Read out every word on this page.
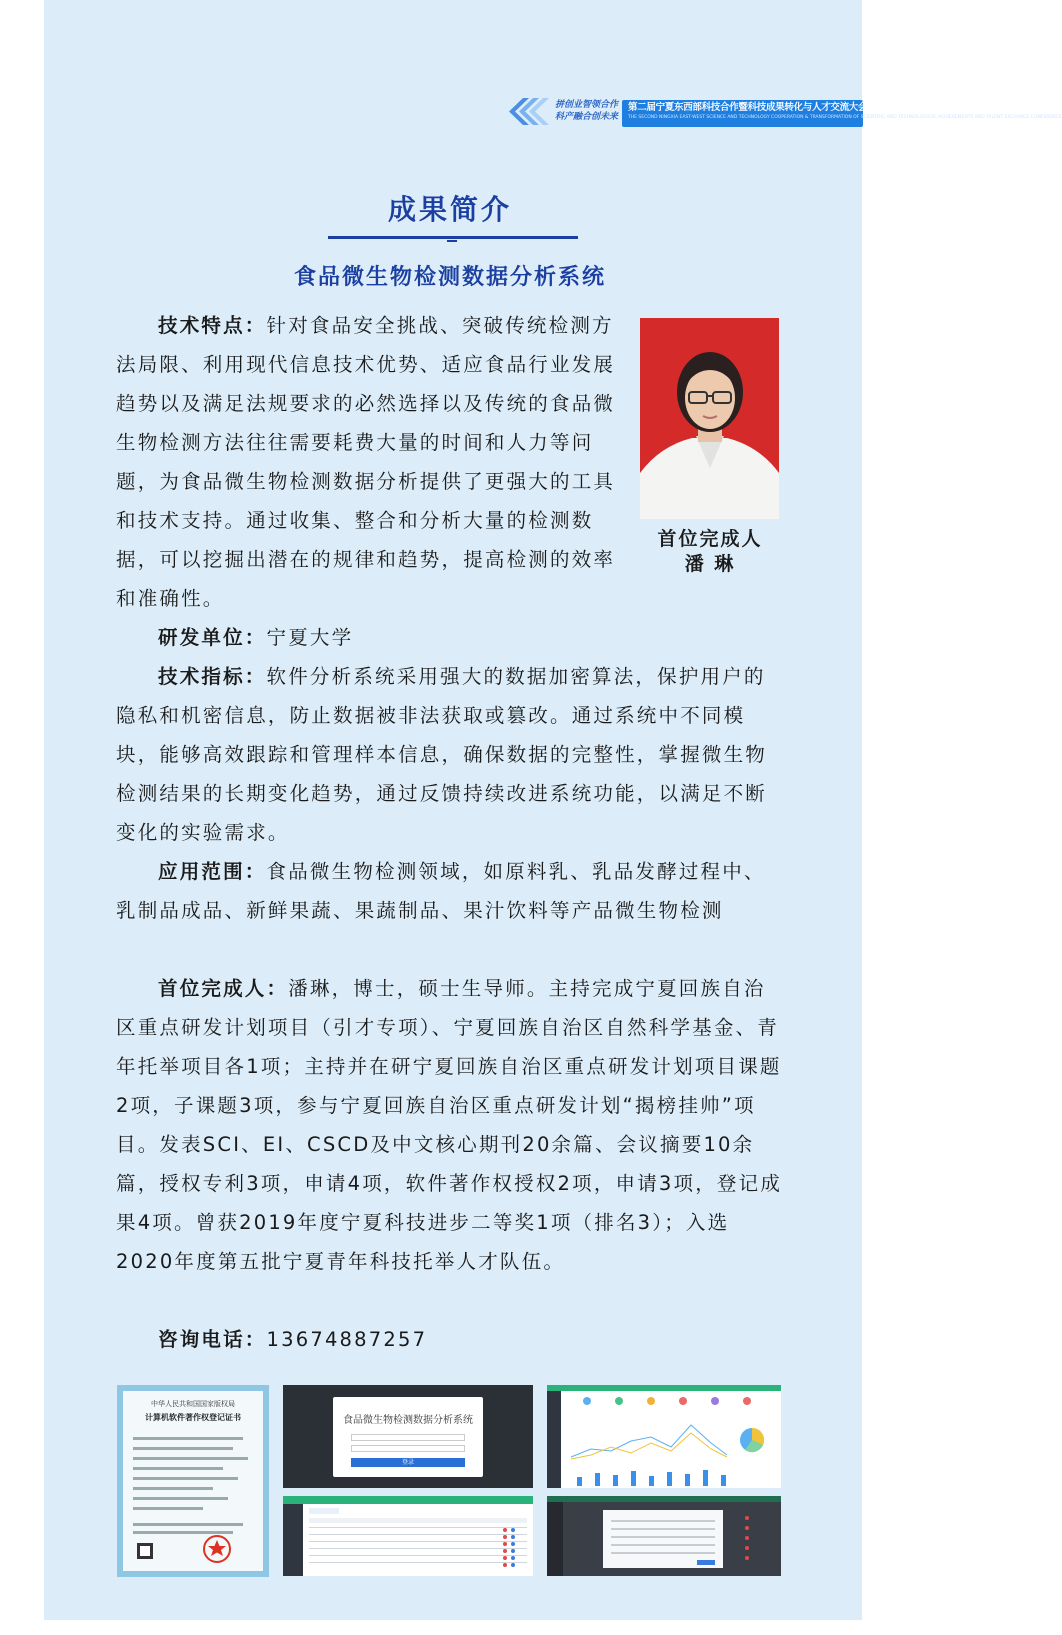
拼创业智领合作
科产融合创未来
第二届宁夏东西部科技合作暨科技成果转化与人才交流大会
THE SECOND NINGXIA EAST-WEST SCIENCE AND TECHNOLOGY COOPERATION & TRANSFORMATION OF SCIENTIFIC AND TECHNOLOGICAL ACHIEVEMENTS AND TALENT EXCHANGE CONFERENCE
成果简介
食品微生物检测数据分析系统
技术特点：针对食品安全挑战、突破传统检测方法局限、利用现代信息技术优势、适应食品行业发展趋势以及满足法规要求的必然选择以及传统的食品微生物检测方法往往需要耗费大量的时间和人力等问题，为食品微生物检测数据分析提供了更强大的工具和技术支持。通过收集、整合和分析大量的检测数据，可以挖掘出潜在的规律和趋势，提高检测的效率和准确性。
首位完成人
潘 琳
研发单位：宁夏大学
技术指标：软件分析系统采用强大的数据加密算法，保护用户的隐私和机密信息，防止数据被非法获取或篡改。通过系统中不同模块，能够高效跟踪和管理样本信息，确保数据的完整性，掌握微生物检测结果的长期变化趋势，通过反馈持续改进系统功能，以满足不断变化的实验需求。
应用范围：食品微生物检测领域，如原料乳、乳品发酵过程中、乳制品成品、新鲜果蔬、果蔬制品、果汁饮料等产品微生物检测
首位完成人：潘琳，博士，硕士生导师。主持完成宁夏回族自治区重点研发计划项目（引才专项）、宁夏回族自治区自然科学基金、青年托举项目各1项；主持并在研宁夏回族自治区重点研发计划项目课题2项，子课题3项，参与宁夏回族自治区重点研发计划“揭榜挂帅”项目。发表SCI、EI、CSCD及中文核心期刊20余篇、会议摘要10余篇，授权专利3项，申请4项，软件著作权授权2项，申请3项，登记成果4项。曾获2019年度宁夏科技进步二等奖1项（排名3）；入选2020年度第五批宁夏青年科技托举人才队伍。
咨询电话：13674887257
中华人民共和国国家版权局
计算机软件著作权登记证书	食品微生物检测数据分析系统
登录
